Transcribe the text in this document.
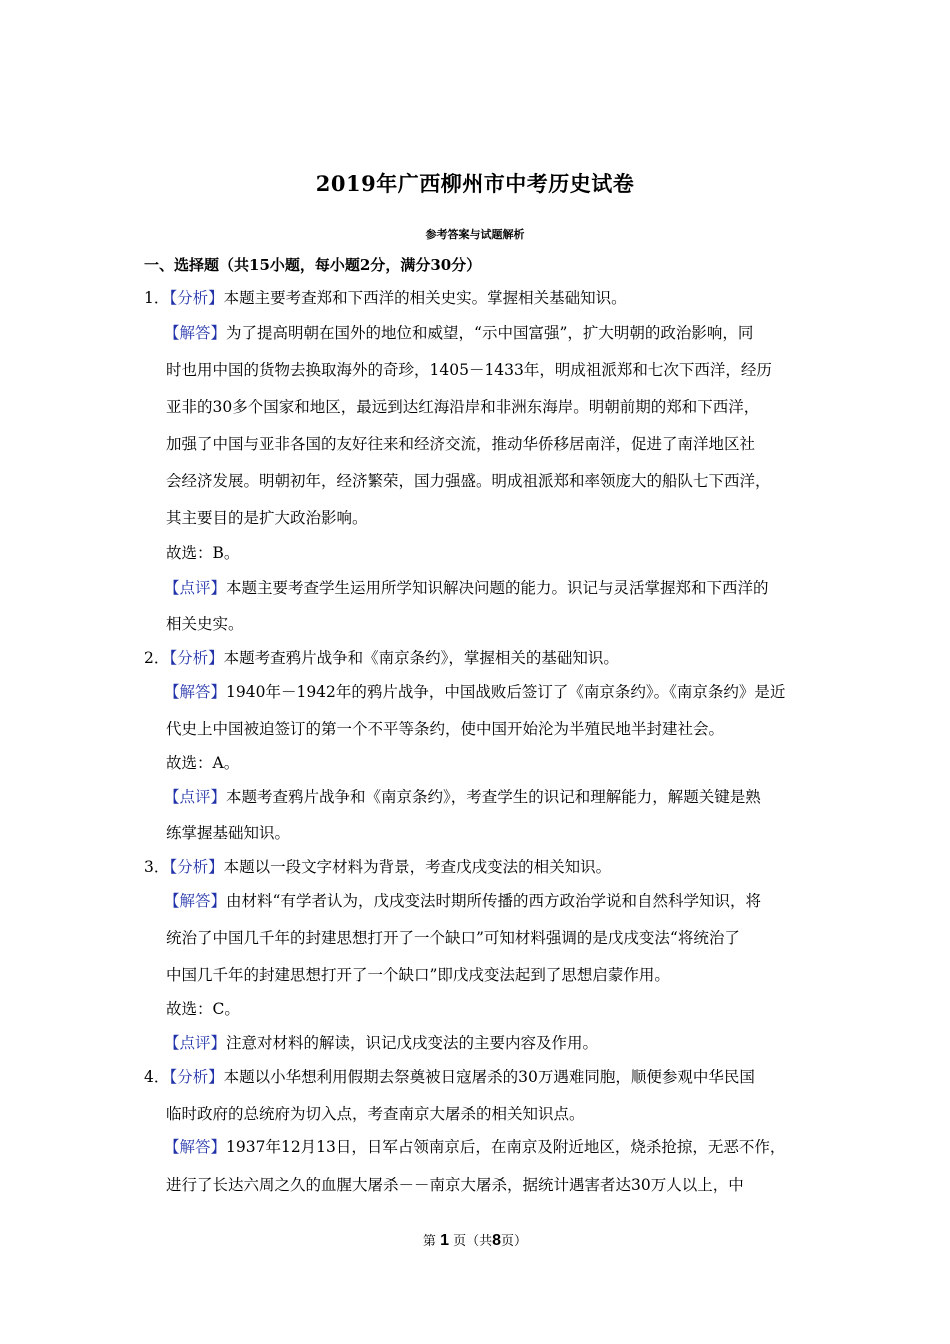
2019年广西柳州市中考历史试卷
参考答案与试题解析
一、选择题（共15小题，每小题2分，满分30分）
1．【分析】本题主要考查郑和下西洋的相关史实。掌握相关基础知识。
【解答】为了提高明朝在国外的地位和威望，“示中国富强”，扩大明朝的政治影响，同
时也用中国的货物去换取海外的奇珍，1405－1433年，明成祖派郑和七次下西洋，经历
亚非的30多个国家和地区，最远到达红海沿岸和非洲东海岸。明朝前期的郑和下西洋，
加强了中国与亚非各国的友好往来和经济交流，推动华侨移居南洋，促进了南洋地区社
会经济发展。明朝初年，经济繁荣，国力强盛。明成祖派郑和率领庞大的船队七下西洋，
其主要目的是扩大政治影响。
故选：B。
【点评】本题主要考查学生运用所学知识解决问题的能力。识记与灵活掌握郑和下西洋的
相关史实。
2．【分析】本题考查鸦片战争和《南京条约》，掌握相关的基础知识。
【解答】1940年－1942年的鸦片战争，中国战败后签订了《南京条约》。《南京条约》是近
代史上中国被迫签订的第一个不平等条约，使中国开始沦为半殖民地半封建社会。
故选：A。
【点评】本题考查鸦片战争和《南京条约》，考查学生的识记和理解能力，解题关键是熟
练掌握基础知识。
3．【分析】本题以一段文字材料为背景，考查戊戌变法的相关知识。
【解答】由材料“有学者认为，戊戌变法时期所传播的西方政治学说和自然科学知识，将
统治了中国几千年的封建思想打开了一个缺口”可知材料强调的是戊戌变法“将统治了
中国几千年的封建思想打开了一个缺口”即戊戌变法起到了思想启蒙作用。
故选：C。
【点评】注意对材料的解读，识记戊戌变法的主要内容及作用。
4．【分析】本题以小华想利用假期去祭奠被日寇屠杀的30万遇难同胞，顺便参观中华民国
临时政府的总统府为切入点，考查南京大屠杀的相关知识点。
【解答】1937年12月13日，日军占领南京后，在南京及附近地区，烧杀抢掠，无恶不作，
进行了长达六周之久的血腥大屠杀－－南京大屠杀，据统计遇害者达30万人以上，中
第 1 页（共8页）
